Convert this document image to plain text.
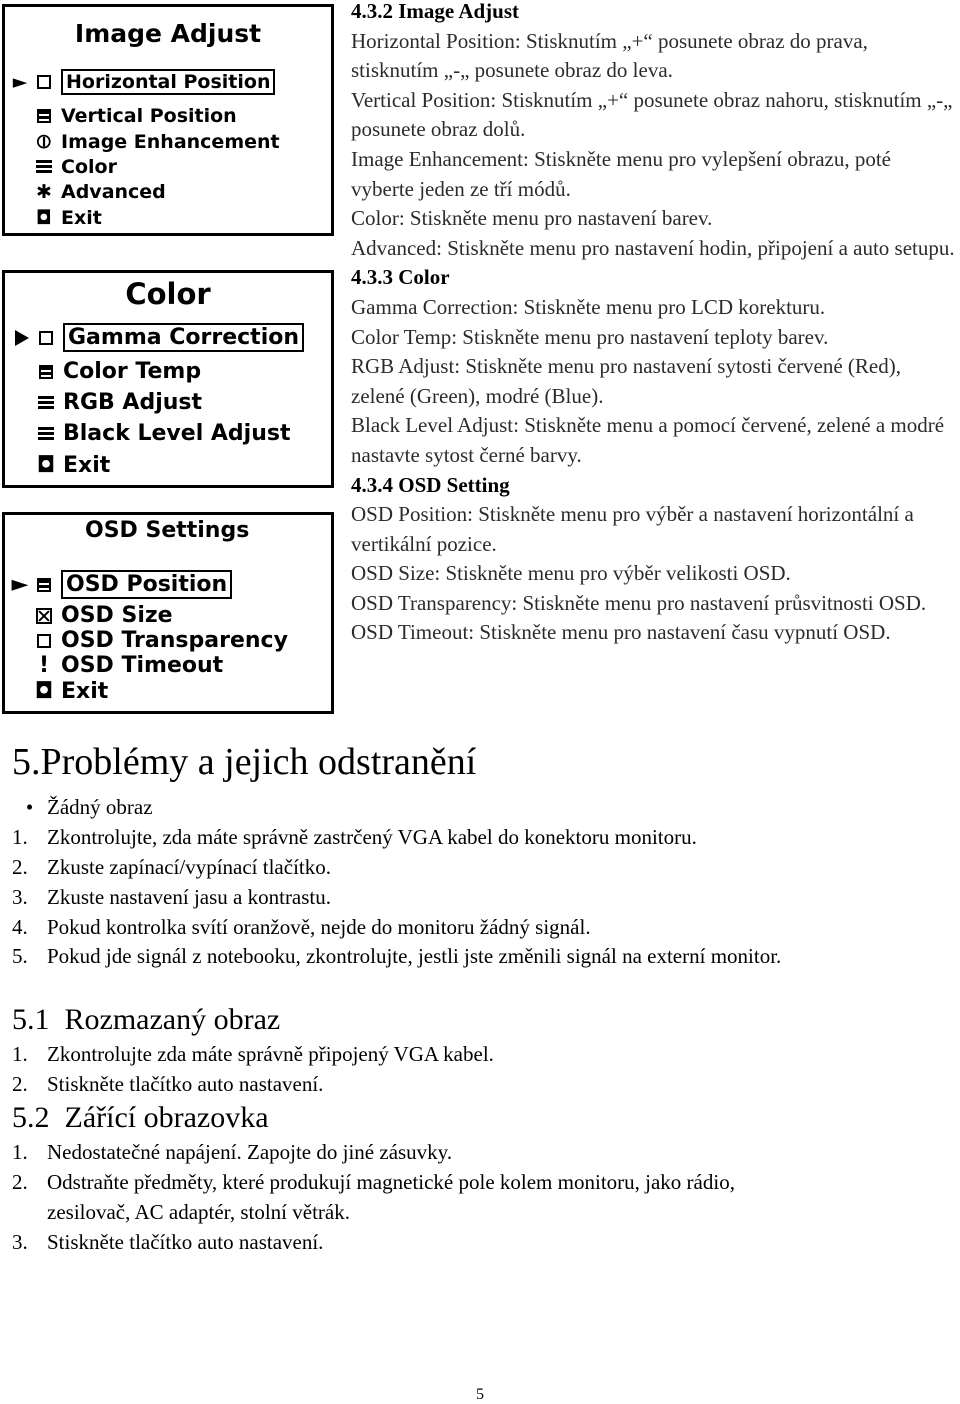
Image Adjust
► Horizontal Position
Vertical Position
⦶ Image Enhancement
Color
✱ Advanced
◘ Exit
Color
Gamma Correction
Color Temp
RGB Adjust
Black Level Adjust
◘ Exit
OSD Settings
► OSD Position
OSD Size
OSD Transparency
! OSD Timeout
◘ Exit
4.3.2 Image Adjust
Horizontal Position: Stisknutím „+“ posunete obraz do prava, stisknutím „-„ posunete obraz do leva.
Vertical Position: Stisknutím „+“ posunete obraz nahoru, stisknutím „-„ posunete obraz dolů.
Image Enhancement: Stiskněte menu pro vylepšení obrazu, poté vyberte jeden ze tří módů.
Color: Stiskněte menu pro nastavení barev.
Advanced: Stiskněte menu pro nastavení hodin, připojení a auto setupu.
4.3.3 Color
Gamma Correction: Stiskněte menu pro LCD korekturu.
Color Temp: Stiskněte menu pro nastavení teploty barev.
RGB Adjust: Stiskněte menu pro nastavení sytosti červené (Red), zelené (Green), modré (Blue).
Black Level Adjust: Stiskněte menu a pomocí červené, zelené a modré nastavte sytost černé barvy.
4.3.4 OSD Setting
OSD Position: Stiskněte menu pro výběr a nastavení horizontální a vertikální pozice.
OSD Size: Stiskněte menu pro výběr velikosti OSD.
OSD Transparency: Stiskněte menu pro nastavení průsvitnosti OSD.
OSD Timeout: Stiskněte menu pro nastavení času vypnutí OSD.
5.Problémy a jejich odstranění
• Žádný obraz
1. Zkontrolujte, zda máte správně zastrčený VGA kabel do konektoru monitoru.
2. Zkuste zapínací/vypínací tlačítko.
3. Zkuste nastavení jasu a kontrastu.
4. Pokud kontrolka svítí oranžově, nejde do monitoru žádný signál.
5. Pokud jde signál z notebooku, zkontrolujte, jestli jste změnili signál na externí monitor.
5.1  Rozmazaný obraz
1. Zkontrolujte zda máte správně připojený VGA kabel.
2. Stiskněte tlačítko auto nastavení.
5.2  Zářící obrazovka
1. Nedostatečné napájení. Zapojte do jiné zásuvky.
2. Odstraňte předměty, které produkují magnetické pole kolem monitoru, jako rádio,
zesilovač, AC adaptér, stolní větrák.
3. Stiskněte tlačítko auto nastavení.
5
